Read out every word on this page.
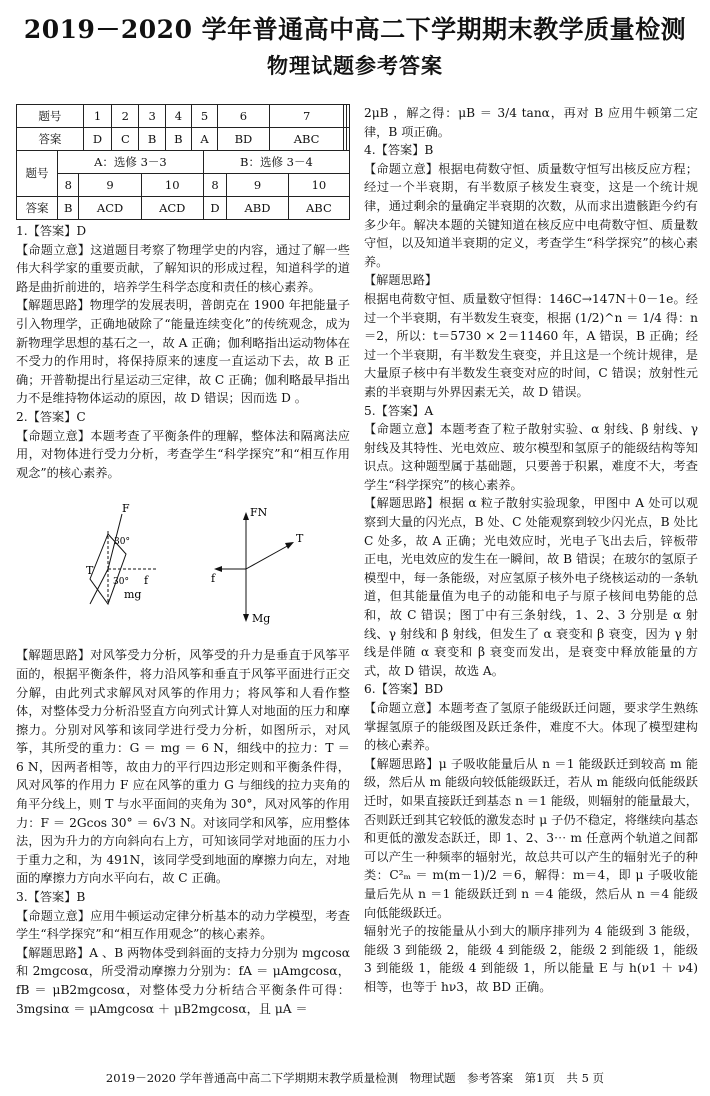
2019－2020 学年普通高中高二下学期期末教学质量检测
物理试题参考答案
题号	1	2	3	4	5	6	7		
答案	D	C	B	B	A	BD	ABC		
题号	A：选修 3－3			B：选修 3－4		
	8	9	10	8	9	10
答案	B	ACD	ACD	D	ABD	ABC

1.【答案】D

【命题立意】这道题目考察了物理学史的内容，通过了解一些伟大科学家的重要贡献，了解知识的形成过程，知道科学的道路是曲折前进的，培养学生科学态度和责任的核心素养。

【解题思路】物理学的发展表明，普朗克在 1900 年把能量子引入物理学，正确地破除了“能量连续变化”的传统观念，成为新物理学思想的基石之一，故 A 正确；伽利略指出运动物体在不受力的作用时，将保持原来的速度一直运动下去，故 B 正确；开普勒提出行星运动三定律，故 C 正确；伽利略最早指出力不是维持物体运动的原因，故 D 错误；因而选 D 。

2.【答案】C

【命题立意】本题考查了平衡条件的理解，整体法和隔离法应用，对物体进行受力分析，考查学生“科学探究”和“相互作用观念”的核心素养。

F
30°
T
30° f
mg
FN
T
f
Mg

【解题思路】对风筝受力分析，风筝受的升力是垂直于风筝平面的，根据平衡条件，将力沿风筝和垂直于风筝平面进行正交分解，由此列式求解风对风筝的作用力；将风筝和人看作整体，对整体受力分析沿竖直方向列式计算人对地面的压力和摩擦力。分别对风筝和该同学进行受力分析，如图所示，对风筝，其所受的重力：G ＝ mg ＝ 6 N，细线中的拉力：T ＝ 6 N，因两者相等，故由力的平行四边形定则和平衡条件得，风对风筝的作用力 F 应在风筝的重力 G 与细线的拉力夹角的角平分线上，则 T 与水平面间的夹角为 30°，风对风筝的作用力：F ＝ 2Gcos 30° ＝ 6√3 N。对该同学和风筝，应用整体法，因为升力的方向斜向右上方，可知该同学对地面的压力小于重力之和，为 491N，该同学受到地面的摩擦力向左，对地面的摩擦力方向水平向右，故 C 正确。

3.【答案】B

【命题立意】应用牛顿运动定律分析基本的动力学模型，考查学生“科学探究”和“相互作用观念”的核心素养。

【解题思路】A 、B 两物体受到斜面的支持力分别为 mgcosα 和 2mgcosα，所受滑动摩擦力分别为：fA ＝ μAmgcosα，fB ＝ μB2mgcosα，对整体受力分析结合平衡条件可得：3mgsinα ＝ μAmgcosα ＋ μB2mgcosα，且 μA ＝

2μB ，解之得：μB ＝ 3/4 tanα，再对 B 应用牛顿第二定律，B 项正确。

4.【答案】B

【命题立意】根据电荷数守恒、质量数守恒写出核反应方程；经过一个半衰期，有半数原子核发生衰变，这是一个统计规律，通过剩余的量确定半衰期的次数，从而求出遗骸距今约有多少年。解决本题的关键知道在核反应中电荷数守恒、质量数守恒，以及知道半衰期的定义，考查学生“科学探究”的核心素养。

【解题思路】

根据电荷数守恒、质量数守恒得：146C→147N＋0－1e。经过一个半衰期，有半数发生衰变，根据 (1/2)^n ＝ 1/4 得：n＝2，所以：t＝5730 × 2＝11460 年，A 错误，B 正确；经过一个半衰期，有半数发生衰变，并且这是一个统计规律，是大量原子核中有半数发生衰变对应的时间，C 错误；放射性元素的半衰期与外界因素无关，故 D 错误。

5.【答案】A

【命题立意】本题考查了粒子散射实验、α 射线、β 射线、γ 射线及其特性、光电效应、玻尔模型和氢原子的能级结构等知识点。这种题型属于基础题，只要善于积累，难度不大，考查学生“科学探究”的核心素养。

【解题思路】根据 α 粒子散射实验现象，甲图中 A 处可以观察到大量的闪光点，B 处、C 处能观察到较少闪光点，B 处比 C 处多，故 A 正确；光电效应时，光电子飞出去后，锌板带正电，光电效应的发生在一瞬间，故 B 错误；在玻尔的氢原子模型中，每一条能级，对应氢原子核外电子绕核运动的一条轨道，但其能量值为电子的动能和电子与原子核间电势能的总和，故 C 错误；图丁中有三条射线，1、2、3 分别是 α 射线、γ 射线和 β 射线，但发生了 α 衰变和 β 衰变，因为 γ 射线是伴随 α 衰变和 β 衰变而发出，是衰变中释放能量的方式，故 D 错误，故选 A。

6.【答案】BD

【命题立意】本题考查了氢原子能级跃迁问题，要求学生熟练掌握氢原子的能级图及跃迁条件，难度不大。体现了模型建构的核心素养。

【解题思路】μ 子吸收能量后从 n ＝1 能级跃迁到较高 m 能级，然后从 m 能级向较低能级跃迁，若从 m 能级向低能级跃迁时，如果直接跃迁到基态 n ＝1 能级，则辐射的能量最大，否则跃迁到其它较低的激发态时 μ 子仍不稳定，将继续向基态和更低的激发态跃迁，即 1、2、3⋯ m 任意两个轨道之间都可以产生一种频率的辐射光，故总共可以产生的辐射光子的种类：C²ₘ ＝ m(m－1)/2 ＝6，解得：m＝4，即 μ 子吸收能量后先从 n ＝1 能级跃迁到 n ＝4 能级，然后从 n ＝4 能级向低能级跃迁。

辐射光子的按能量从小到大的顺序排列为 4 能级到 3 能级，能级 3 到能级 2，能级 4 到能级 2，能级 2 到能级 1，能级 3 到能级 1，能级 4 到能级 1，所以能量 E 与 h(ν1 ＋ ν4) 相等，也等于 hν3，故 BD 正确。

2019－2020 学年普通高中高二下学期期末教学质量检测　物理试题　参考答案　第1页　共 5 页
